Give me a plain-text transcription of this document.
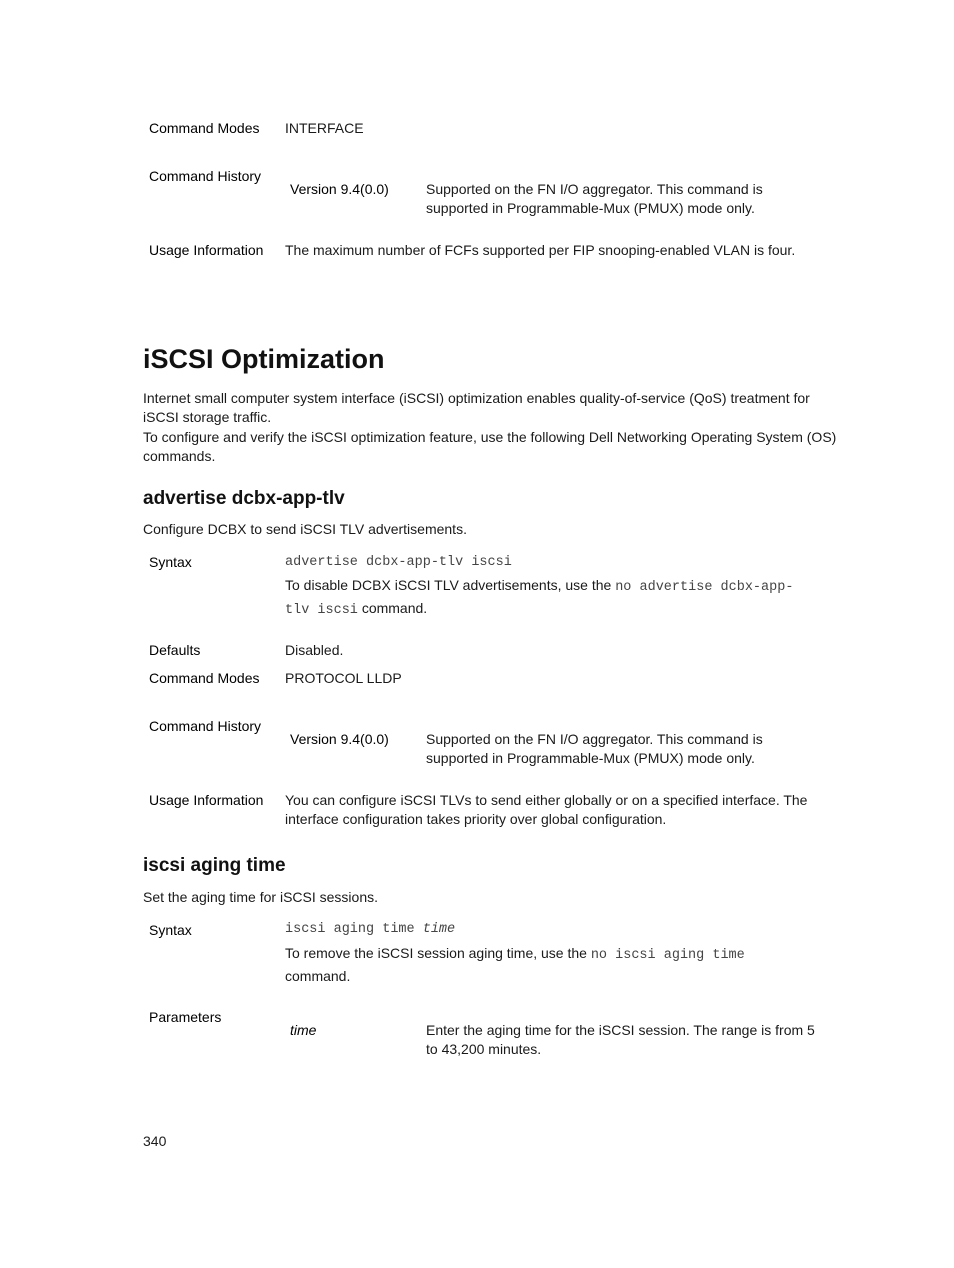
Command Modes	INTERFACE
Command History
Version 9.4(0.0)	Supported on the FN I/O aggregator. This command is supported in Programmable-Mux (PMUX) mode only.
Usage Information	The maximum number of FCFs supported per FIP snooping-enabled VLAN is four.
iSCSI Optimization
Internet small computer system interface (iSCSI) optimization enables quality-of-service (QoS) treatment for iSCSI storage traffic.
To configure and verify the iSCSI optimization feature, use the following Dell Networking Operating System (OS) commands.
advertise dcbx-app-tlv
Configure DCBX to send iSCSI TLV advertisements.
Syntax	advertise dcbx-app-tlv iscsi
To disable DCBX iSCSI TLV advertisements, use the no advertise dcbx-app-
tlv iscsi command.
Defaults	Disabled.
Command Modes	PROTOCOL LLDP
Command History
Version 9.4(0.0)	Supported on the FN I/O aggregator. This command is supported in Programmable-Mux (PMUX) mode only.
Usage Information	You can configure iSCSI TLVs to send either globally or on a specified interface. The interface configuration takes priority over global configuration.
iscsi aging time
Set the aging time for iSCSI sessions.
Syntax	iscsi aging time time
To remove the iSCSI session aging time, use the no iscsi aging time command.
Parameters
time	Enter the aging time for the iSCSI session. The range is from 5 to 43,200 minutes.
340
